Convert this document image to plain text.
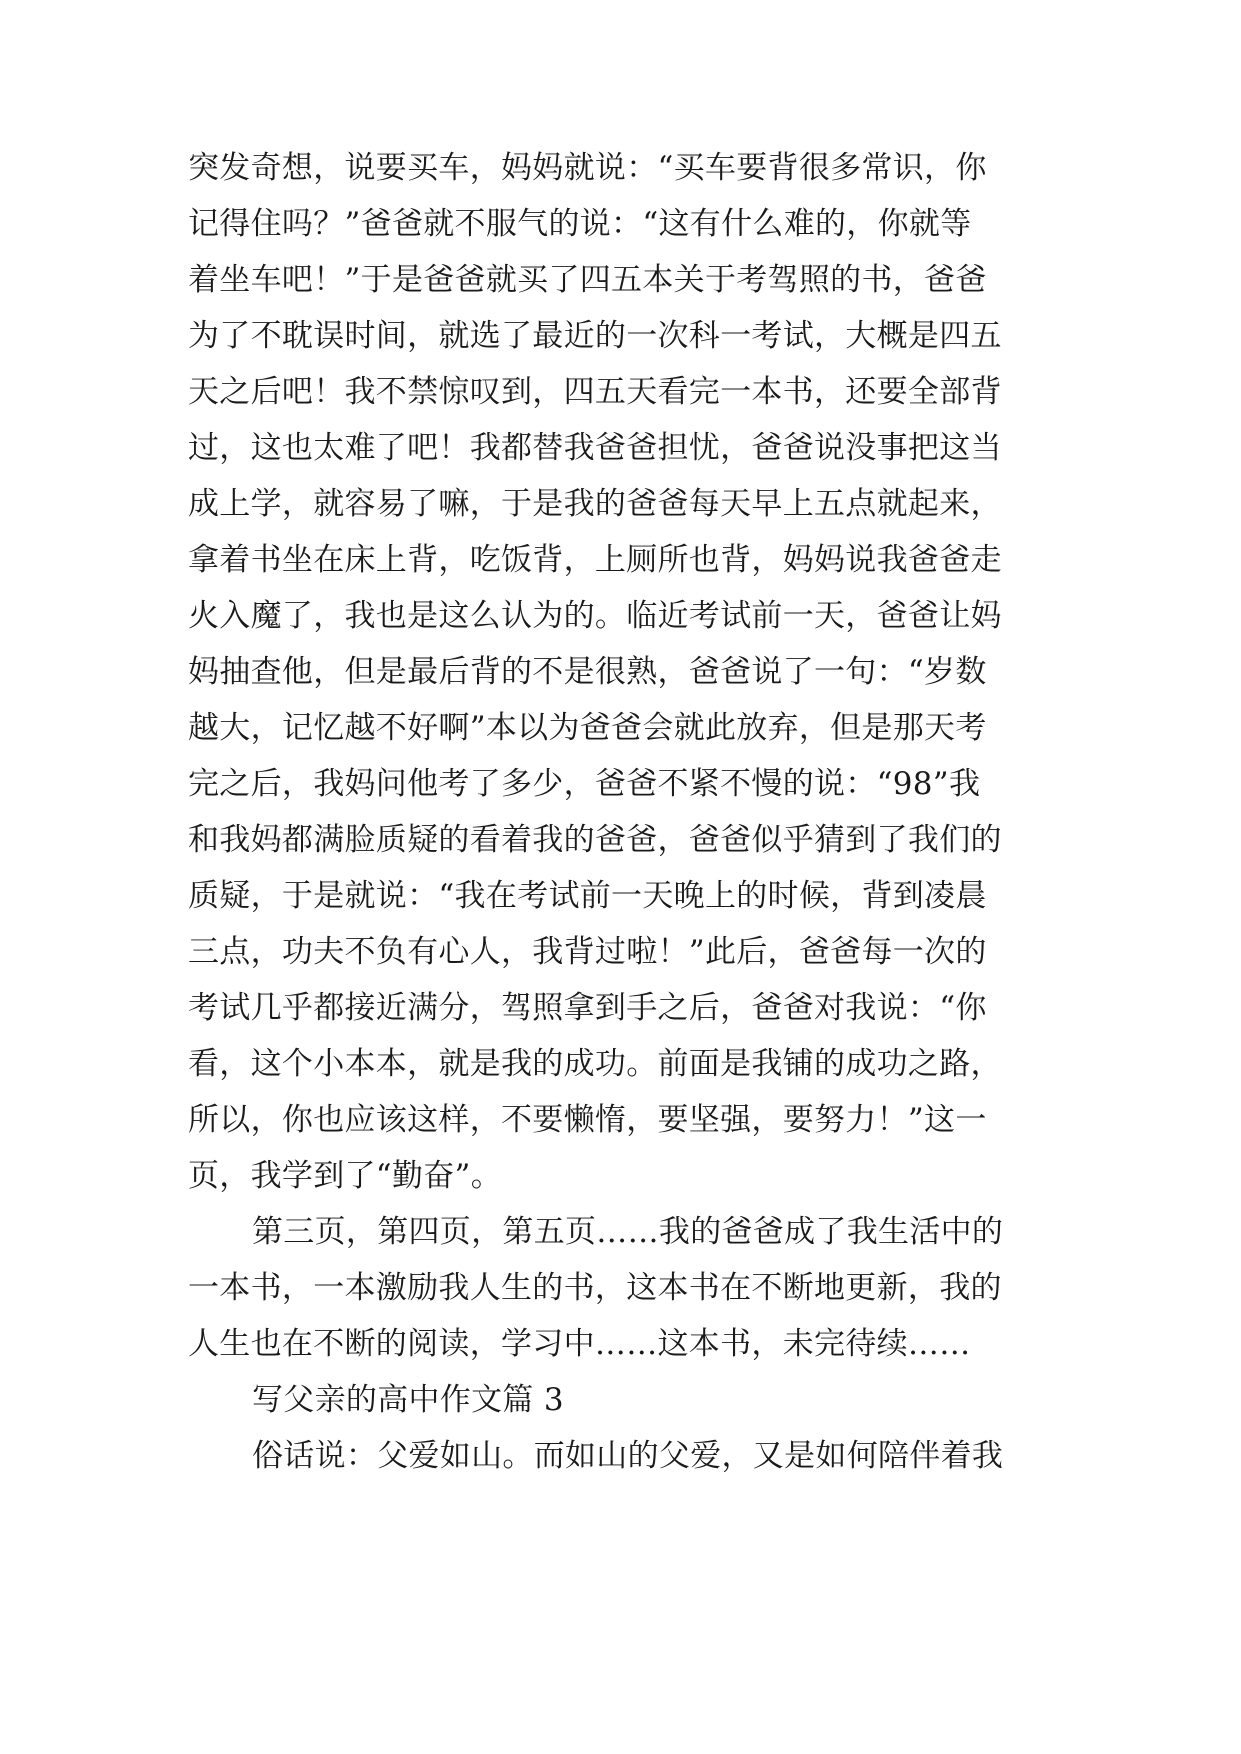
突发奇想，说要买车，妈妈就说：“买车要背很多常识，你

记得住吗？”爸爸就不服气的说：“这有什么难的，你就等

着坐车吧！”于是爸爸就买了四五本关于考驾照的书，爸爸

为了不耽误时间，就选了最近的一次科一考试，大概是四五

天之后吧！我不禁惊叹到，四五天看完一本书，还要全部背

过，这也太难了吧！我都替我爸爸担忧，爸爸说没事把这当

成上学，就容易了嘛，于是我的爸爸每天早上五点就起来，

拿着书坐在床上背，吃饭背，上厕所也背，妈妈说我爸爸走

火入魔了，我也是这么认为的。临近考试前一天，爸爸让妈

妈抽查他，但是最后背的不是很熟，爸爸说了一句：“岁数

越大，记忆越不好啊”本以为爸爸会就此放弃，但是那天考

完之后，我妈问他考了多少，爸爸不紧不慢的说：“98”我

和我妈都满脸质疑的看着我的爸爸，爸爸似乎猜到了我们的

质疑，于是就说：“我在考试前一天晚上的时候，背到凌晨

三点，功夫不负有心人，我背过啦！”此后，爸爸每一次的

考试几乎都接近满分，驾照拿到手之后，爸爸对我说：“你

看，这个小本本，就是我的成功。前面是我铺的成功之路，

所以，你也应该这样，不要懒惰，要坚强，要努力！”这一

页，我学到了“勤奋”。

第三页，第四页，第五页……我的爸爸成了我生活中的

一本书，一本激励我人生的书，这本书在不断地更新，我的

人生也在不断的阅读，学习中……这本书，未完待续……

写父亲的高中作文篇 3

俗话说：父爱如山。而如山的父爱，又是如何陪伴着我
